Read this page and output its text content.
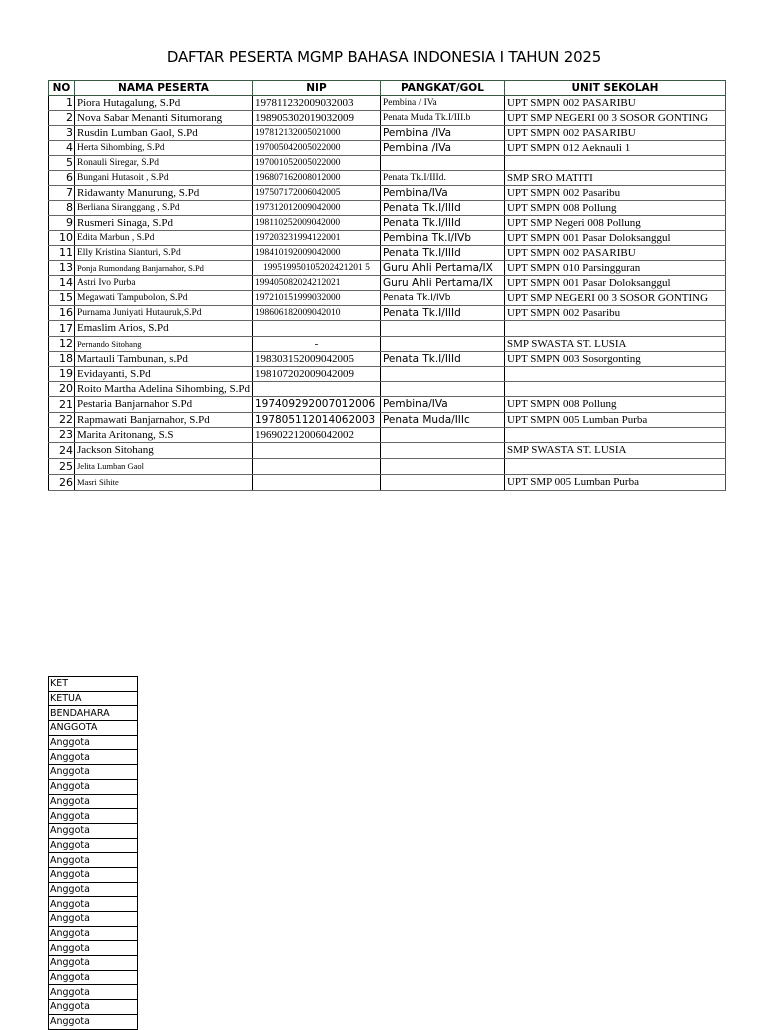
DAFTAR PESERTA MGMP BAHASA INDONESIA I TAHUN 2025
NO	NAMA PESERTA	NIP	PANGKAT/GOL	UNIT SEKOLAH
1	Piora Hutagalung, S.Pd	197811232009032003	Pembina / IVa	UPT SMPN 002 PASARIBU
2	Nova Sabar Menanti Situmorang	198905302019032009	Penata Muda Tk.I/III.b	UPT SMP NEGERI 00 3 SOSOR GONTING
3	Rusdin Lumban Gaol, S.Pd	197812132005021000	Pembina /IVa	UPT SMPN 002 PASARIBU
4	Herta Sihombing, S.Pd	197005042005022000	Pembina /IVa	UPT SMPN 012 Aeknauli 1
5	Ronauli Siregar, S.Pd	197001052005022000		
6	Bungani Hutasoit , S.Pd	196807162008012000	Penata Tk.I/IIId.	SMP SRO MATITI
7	Ridawanty Manurung, S.Pd	197507172006042005	Pembina/IVa	UPT SMPN 002 Pasaribu
8	Berliana Siranggang , S.Pd	197312012009042000	Penata Tk.I/IIId	UPT SMPN 008 Pollung
9	Rusmeri Sinaga, S.Pd	198110252009042000	Penata Tk.I/IIId	UPT SMP Negeri 008 Pollung
10	Edita Marbun , S.Pd	197203231994122001	Pembina Tk.I/IVb	UPT SMPN 001 Pasar Doloksanggul
11	Elly Kristina Sianturi, S.Pd	198410192009042000	Penata Tk.I/IIId	UPT SMPN 002 PASARIBU
13	Ponja Rumondang Banjarnahor, S.Pd	199519950105202421201 5	Guru Ahli Pertama/IX	UPT SMPN 010 Parsingguran
14	Astri Ivo Purba	199405082024212021	Guru Ahli Pertama/IX	UPT SMPN 001 Pasar Doloksanggul
15	Megawati Tampubolon, S.Pd	197210151999032000	Penata Tk.I/IVb	UPT SMP NEGERI 00 3 SOSOR GONTING
16	Purnama Juniyati Hutauruk,S.Pd	198606182009042010	Penata Tk.I/IIId	UPT SMPN 002 Pasaribu
17	Emaslim Arios, S.Pd			
12	Pernando Sitohang	-		SMP SWASTA ST. LUSIA
18	Martauli Tambunan, s.Pd	198303152009042005	Penata Tk.I/IIId	UPT SMPN 003 Sosorgonting
19	Evidayanti, S.Pd	198107202009042009		
20	Roito Martha Adelina Sihombing, S.Pd			
21	Pestaria Banjarnahor S.Pd	197409292007012006	Pembina/IVa	UPT SMPN 008 Pollung
22	Rapmawati Banjarnahor, S.Pd	197805112014062003	Penata Muda/IIIc	UPT SMPN 005 Lumban Purba
23	Marita Aritonang, S.S	196902212006042002		
24	Jackson Sitohang			SMP SWASTA ST. LUSIA
25	Jelita Lumban Gaol			
26	Masri Sihite			UPT SMP 005 Lumban Purba
KET
KETUA
BENDAHARA
ANGGOTA
Anggota
Anggota
Anggota
Anggota
Anggota
Anggota
Anggota
Anggota
Anggota
Anggota
Anggota
Anggota
Anggota
Anggota
Anggota
Anggota
Anggota
Anggota
Anggota
Anggota
